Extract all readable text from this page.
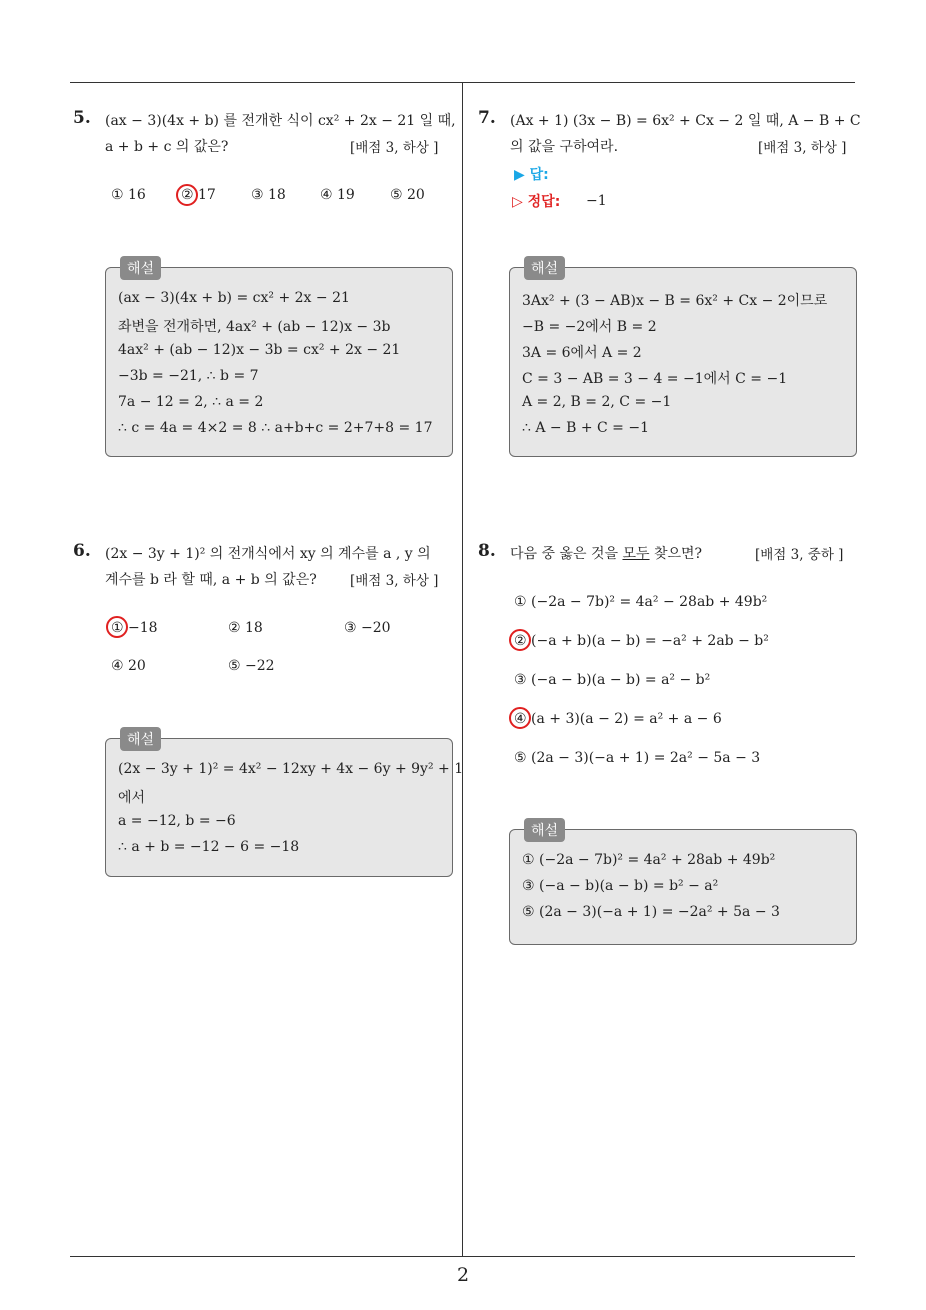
2
5. (ax − 3)(4x + b) 를 전개한 식이 cx² + 2x − 21 일 때,
a + b + c 의 값은?	[배점 3, 하상 ]
① 16	② 17	③ 18 ④ 19	⑤ 20
해설
(ax − 3)(4x + b) = cx² + 2x − 21
좌변을 전개하면, 4ax² + (ab − 12)x − 3b
4ax² + (ab − 12)x − 3b = cx² + 2x − 21
−3b = −21, ∴ b = 7
7a − 12 = 2, ∴ a = 2
∴ c = 4a = 4×2 = 8 ∴ a+b+c = 2+7+8 = 17
6. (2x − 3y + 1)² 의 전개식에서 xy 의 계수를 a , y 의
계수를 b 라 할 때, a + b 의 값은? [배점 3, 하상 ]
① −18	② 18	③ −20
④ 20	⑤ −22
해설
(2x − 3y + 1)² = 4x² − 12xy + 4x − 6y + 9y² + 1
에서
a = −12, b = −6
∴ a + b = −12 − 6 = −18
7. (Ax + 1) (3x − B) = 6x² + Cx − 2 일 때, A − B + C
의 값을 구하여라.	[배점 3, 하상 ]
▶ 답:
▷ 정답: −1
해설
3Ax² + (3 − AB)x − B = 6x² + Cx − 2이므로
−B = −2에서 B = 2
3A = 6에서 A = 2
C = 3 − AB = 3 − 4 = −1에서 C = −1
A = 2, B = 2, C = −1
∴ A − B + C = −1
8. 다음 중 옳은 것을 모두 찾으면?	[배점 3, 중하 ]
① (−2a − 7b)² = 4a² − 28ab + 49b²
② (−a + b)(a − b) = −a² + 2ab − b²
③ (−a − b)(a − b) = a² − b²
④ (a + 3)(a − 2) = a² + a − 6
⑤ (2a − 3)(−a + 1) = 2a² − 5a − 3
해설
① (−2a − 7b)² = 4a² + 28ab + 49b²
③ (−a − b)(a − b) = b² − a²
⑤ (2a − 3)(−a + 1) = −2a² + 5a − 3
